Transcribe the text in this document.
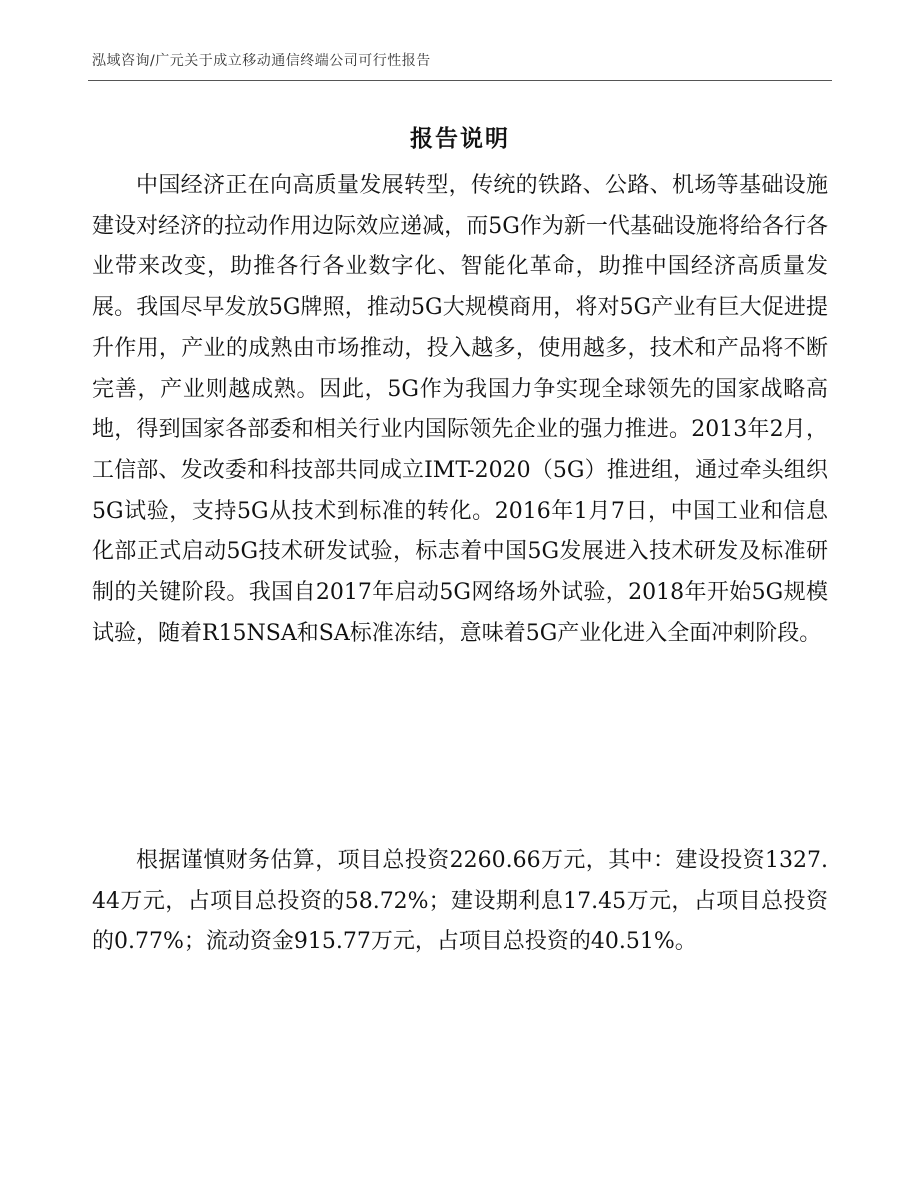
泓域咨询/广元关于成立移动通信终端公司可行性报告
报告说明

中国经济正在向高质量发展转型，传统的铁路、公路、机场等基础设施建设对经济的拉动作用边际效应递减，而5G作为新一代基础设施将给各行各业带来改变，助推各行各业数字化、智能化革命，助推中国经济高质量发展。我国尽早发放5G牌照，推动5G大规模商用，将对5G产业有巨大促进提升作用，产业的成熟由市场推动，投入越多，使用越多，技术和产品将不断完善，产业则越成熟。因此，5G作为我国力争实现全球领先的国家战略高地，得到国家各部委和相关行业内国际领先企业的强力推进。2013年2月，工信部、发改委和科技部共同成立IMT-2020（5G）推进组，通过牵头组织5G试验，支持5G从技术到标准的转化。2016年1月7日，中国工业和信息化部正式启动5G技术研发试验，标志着中国5G发展进入技术研发及标准研制的关键阶段。我国自2017年启动5G网络场外试验，2018年开始5G规模试验，随着R15NSA和SA标准冻结，意味着5G产业化进入全面冲刺阶段。

根据谨慎财务估算，项目总投资2260.66万元，其中：建设投资1327.44万元，占项目总投资的58.72%；建设期利息17.45万元，占项目总投资的0.77%；流动资金915.77万元，占项目总投资的40.51%。
